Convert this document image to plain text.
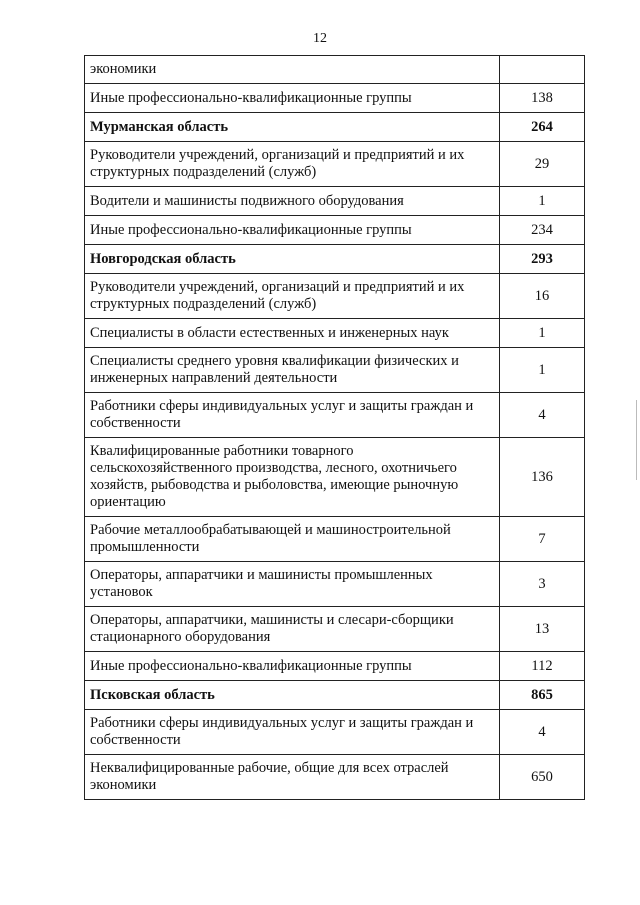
12
экономики	
Иные профессионально-квалификационные группы	138
Мурманская область	264
Руководители учреждений, организаций и предприятий и их структурных подразделений (служб)	29
Водители и машинисты подвижного оборудования	1
Иные профессионально-квалификационные группы	234
Новгородская область	293
Руководители учреждений, организаций и предприятий и их структурных подразделений (служб)	16
Специалисты в области естественных и инженерных наук	1
Специалисты среднего уровня квалификации физических и инженерных направлений деятельности	1
Работники сферы индивидуальных услуг и защиты граждан и собственности	4
Квалифицированные работники товарного сельскохозяйственного производства, лесного, охотничьего хозяйств, рыбоводства и рыболовства, имеющие рыночную ориентацию	136
Рабочие металлообрабатывающей и машиностроительной промышленности	7
Операторы, аппаратчики и машинисты промышленных установок	3
Операторы, аппаратчики, машинисты и слесари-сборщики стационарного оборудования	13
Иные профессионально-квалификационные группы	112
Псковская область	865
Работники сферы индивидуальных услуг и защиты граждан и собственности	4
Неквалифицированные рабочие, общие для всех отраслей экономики	650
